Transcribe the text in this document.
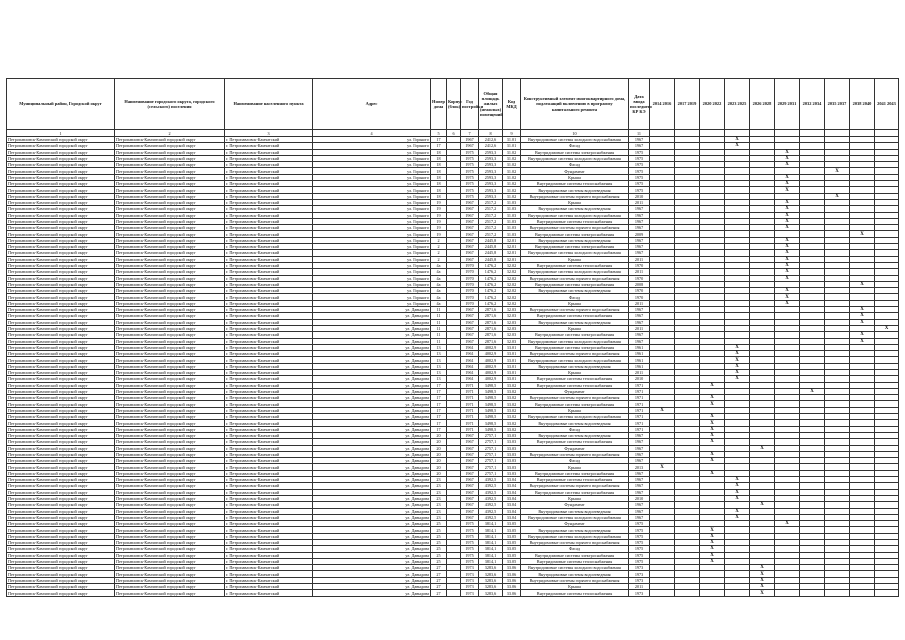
Муниципальный район, Городской округ	Наименование городского округа, городского (сельского) поселения	Наименование населенного пункта	Адрес	Номер дома	Корпус (блок)	Год постройки	Общая площадь жилых (нежилых) помещений	Код МКД	Конструктивный элемент многоквартирного дома, подлежащий включению в программу капитального ремонта	Дата ввода последнего КР КЭ	2014 2016	2017 2019	2020 2022	2023 2025	2026 2028	2029 2031	2032 2034	2035 2037	2038 2040	2041 2043
1	2	3	4	5	6	7	8	9	10	11										
Петропавловск-Камчатский городской округ	Петропавловск-Камчатский городской округ	г. Петропавловск-Камчатский	ул. Горького	17		1967	2412,6	31.01	Внутридомовые системы холодного водоснабжения	1967				X						
Петропавловск-Камчатский городской округ	Петропавловск-Камчатский городской округ	г. Петропавловск-Камчатский	ул. Горького	17		1967	2412,6	31.01	Фасад	1967				X						
Петропавловск-Камчатский городской округ	Петропавловск-Камчатский городской округ	г. Петропавловск-Камчатский	ул. Горького	18		1975	2593,3	31.02	Внутридомовые системы электроснабжения	1975						X				
Петропавловск-Камчатский городской округ	Петропавловск-Камчатский городской округ	г. Петропавловск-Камчатский	ул. Горького	18		1975	2593,3	31.02	Внутридомовые системы холодного водоснабжения	1975						X				
Петропавловск-Камчатский городской округ	Петропавловск-Камчатский городской округ	г. Петропавловск-Камчатский	ул. Горького	18		1975	2593,3	31.02	Фасад	1975						X				
Петропавловск-Камчатский городской округ	Петропавловск-Камчатский городской округ	г. Петропавловск-Камчатский	ул. Горького	18		1975	2593,3	31.02	Фундамент	1975								X		
Петропавловск-Камчатский городской округ	Петропавловск-Камчатский городской округ	г. Петропавловск-Камчатский	ул. Горького	18		1975	2593,3	31.02	Крыша	1975						X				
Петропавловск-Камчатский городской округ	Петропавловск-Камчатский городской округ	г. Петропавловск-Камчатский	ул. Горького	18		1975	2593,3	31.02	Внутридомовые системы теплоснабжения	1975						X				
Петропавловск-Камчатский городской округ	Петропавловск-Камчатский городской округ	г. Петропавловск-Камчатский	ул. Горького	18		1975	2593,3	31.02	Внутридомовые системы водоотведения	1975						X				
Петропавловск-Камчатский городской округ	Петропавловск-Камчатский городской округ	г. Петропавловск-Камчатский	ул. Горького	18		1975	2593,3	31.02	Внутридомовые системы горячего водоснабжения	2010								X		
Петропавловск-Камчатский городской округ	Петропавловск-Камчатский городской округ	г. Петропавловск-Камчатский	ул. Горького	19		1967	2517,2	31.03	Крыша	2011						X				
Петропавловск-Камчатский городской округ	Петропавловск-Камчатский городской округ	г. Петропавловск-Камчатский	ул. Горького	19		1967	2517,2	31.03	Внутридомовые системы водоотведения	1967						X				
Петропавловск-Камчатский городской округ	Петропавловск-Камчатский городской округ	г. Петропавловск-Камчатский	ул. Горького	19		1967	2517,2	31.03	Внутридомовые системы холодного водоснабжения	1967						X				
Петропавловск-Камчатский городской округ	Петропавловск-Камчатский городской округ	г. Петропавловск-Камчатский	ул. Горького	19		1967	2517,2	31.03	Внутридомовые системы теплоснабжения	1967						X				
Петропавловск-Камчатский городской округ	Петропавловск-Камчатский городской округ	г. Петропавловск-Камчатский	ул. Горького	19		1967	2517,2	31.03	Внутридомовые системы горячего водоснабжения	1967						X				
Петропавловск-Камчатский городской округ	Петропавловск-Камчатский городской округ	г. Петропавловск-Камчатский	ул. Горького	19		1967	2517,2	31.03	Внутридомовые системы электроснабжения	2009									X	
Петропавловск-Камчатский городской округ	Петропавловск-Камчатский городской округ	г. Петропавловск-Камчатский	ул. Горького	2		1967	2445,8	32.01	Внутридомовые системы водоотведения	1967						X				
Петропавловск-Камчатский городской округ	Петропавловск-Камчатский городской округ	г. Петропавловск-Камчатский	ул. Горького	2		1967	2445,8	32.01	Внутридомовые системы электроснабжения	1967						X				
Петропавловск-Камчатский городской округ	Петропавловск-Камчатский городской округ	г. Петропавловск-Камчатский	ул. Горького	2		1967	2445,8	32.01	Внутридомовые системы холодного водоснабжения	1967						X				
Петропавловск-Камчатский городской округ	Петропавловск-Камчатский городской округ	г. Петропавловск-Камчатский	ул. Горького	2		1967	2445,8	32.01	Крыша	2011						X				
Петропавловск-Камчатский городской округ	Петропавловск-Камчатский городской округ	г. Петропавловск-Камчатский	ул. Горького	4а		1970	1476,2	32.02	Внутридомовые системы теплоснабжения	1970						X				
Петропавловск-Камчатский городской округ	Петропавловск-Камчатский городской округ	г. Петропавловск-Камчатский	ул. Горького	4а		1970	1476,2	32.02	Внутридомовые системы холодного водоснабжения	2011						X				
Петропавловск-Камчатский городской округ	Петропавловск-Камчатский городской округ	г. Петропавловск-Камчатский	ул. Горького	4а		1970	1476,2	32.02	Внутридомовые системы горячего водоснабжения	1970						X				
Петропавловск-Камчатский городской округ	Петропавловск-Камчатский городской округ	г. Петропавловск-Камчатский	ул. Горького	4а		1970	1476,2	32.02	Внутридомовые системы электроснабжения	2008									X	
Петропавловск-Камчатский городской округ	Петропавловск-Камчатский городской округ	г. Петропавловск-Камчатский	ул. Горького	4а		1970	1476,2	32.02	Внутридомовые системы водоотведения	1970						X				
Петропавловск-Камчатский городской округ	Петропавловск-Камчатский городской округ	г. Петропавловск-Камчатский	ул. Горького	4а		1970	1476,2	32.02	Фасад	1970						X				
Петропавловск-Камчатский городской округ	Петропавловск-Камчатский городской округ	г. Петропавловск-Камчатский	ул. Горького	4а		1970	1476,2	32.02	Крыша	2011						X				
Петропавловск-Камчатский городской округ	Петропавловск-Камчатский городской округ	г. Петропавловск-Камчатский	ул. Давыдова	11		1967	2871,6	32.03	Внутридомовые системы горячего водоснабжения	1967									X	
Петропавловск-Камчатский городской округ	Петропавловск-Камчатский городской округ	г. Петропавловск-Камчатский	ул. Давыдова	11		1967	2871,6	32.03	Внутридомовые системы теплоснабжения	1967									X	
Петропавловск-Камчатский городской округ	Петропавловск-Камчатский городской округ	г. Петропавловск-Камчатский	ул. Давыдова	11		1967	2871,6	32.03	Внутридомовые системы водоотведения	1967									X	
Петропавловск-Камчатский городской округ	Петропавловск-Камчатский городской округ	г. Петропавловск-Камчатский	ул. Давыдова	11		1967	2871,6	32.03	Крыша	2011										X
Петропавловск-Камчатский городской округ	Петропавловск-Камчатский городской округ	г. Петропавловск-Камчатский	ул. Давыдова	11		1967	2871,6	32.03	Внутридомовые системы электроснабжения	1967									X	
Петропавловск-Камчатский городской округ	Петропавловск-Камчатский городской округ	г. Петропавловск-Камчатский	ул. Давыдова	11		1967	2871,6	32.03	Внутридомовые системы холодного водоснабжения	1967									X	
Петропавловск-Камчатский городской округ	Петропавловск-Камчатский городской округ	г. Петропавловск-Камчатский	ул. Давыдова	13		1961	4002,9	33.01	Внутридомовые системы электроснабжения	1961				X						
Петропавловск-Камчатский городской округ	Петропавловск-Камчатский городской округ	г. Петропавловск-Камчатский	ул. Давыдова	13		1961	4002,9	33.01	Внутридомовые системы горячего водоснабжения	1961				X						
Петропавловск-Камчатский городской округ	Петропавловск-Камчатский городской округ	г. Петропавловск-Камчатский	ул. Давыдова	13		1961	4002,9	33.01	Внутридомовые системы холодного водоснабжения	1961				X						
Петропавловск-Камчатский городской округ	Петропавловск-Камчатский городской округ	г. Петропавловск-Камчатский	ул. Давыдова	13		1961	4002,9	33.01	Внутридомовые системы водоотведения	1961				X						
Петропавловск-Камчатский городской округ	Петропавловск-Камчатский городской округ	г. Петропавловск-Камчатский	ул. Давыдова	13		1961	4002,9	33.01	Крыша	2011				X						
Петропавловск-Камчатский городской округ	Петропавловск-Камчатский городской округ	г. Петропавловск-Камчатский	ул. Давыдова	13		1961	4002,9	33.01	Внутридомовые системы теплоснабжения	2010				X						
Петропавловск-Камчатский городской округ	Петропавловск-Камчатский городской округ	г. Петропавловск-Камчатский	ул. Давыдова	17		1971	3498,5	33.02	Внутридомовые системы теплоснабжения	1971			X							
Петропавловск-Камчатский городской округ	Петропавловск-Камчатский городской округ	г. Петропавловск-Камчатский	ул. Давыдова	17		1971	3498,5	33.02	Фундамент	1971							X			
Петропавловск-Камчатский городской округ	Петропавловск-Камчатский городской округ	г. Петропавловск-Камчатский	ул. Давыдова	17		1971	3498,5	33.02	Внутридомовые системы горячего водоснабжения	1971			X							
Петропавловск-Камчатский городской округ	Петропавловск-Камчатский городской округ	г. Петропавловск-Камчатский	ул. Давыдова	17		1971	3498,5	33.02	Внутридомовые системы электроснабжения	1971			X							
Петропавловск-Камчатский городской округ	Петропавловск-Камчатский городской округ	г. Петропавловск-Камчатский	ул. Давыдова	17		1971	3498,5	33.02	Крыша	1971	X									
Петропавловск-Камчатский городской округ	Петропавловск-Камчатский городской округ	г. Петропавловск-Камчатский	ул. Давыдова	17		1971	3498,5	33.02	Внутридомовые системы холодного водоснабжения	1971			X							
Петропавловск-Камчатский городской округ	Петропавловск-Камчатский городской округ	г. Петропавловск-Камчатский	ул. Давыдова	17		1971	3498,5	33.02	Внутридомовые системы водоотведения	1971			X							
Петропавловск-Камчатский городской округ	Петропавловск-Камчатский городской округ	г. Петропавловск-Камчатский	ул. Давыдова	17		1971	3498,5	33.02	Фасад	1971			X							
Петропавловск-Камчатский городской округ	Петропавловск-Камчатский городской округ	г. Петропавловск-Камчатский	ул. Давыдова	20		1967	2757,1	33.03	Внутридомовые системы водоотведения	1967			X							
Петропавловск-Камчатский городской округ	Петропавловск-Камчатский городской округ	г. Петропавловск-Камчатский	ул. Давыдова	20		1967	2757,1	33.03	Внутридомовые системы теплоснабжения	1967			X							
Петропавловск-Камчатский городской округ	Петропавловск-Камчатский городской округ	г. Петропавловск-Камчатский	ул. Давыдова	20		1967	2757,1	33.03	Фундамент	1967					X					
Петропавловск-Камчатский городской округ	Петропавловск-Камчатский городской округ	г. Петропавловск-Камчатский	ул. Давыдова	20		1967	2757,1	33.03	Внутридомовые системы горячего водоснабжения	1967			X							
Петропавловск-Камчатский городской округ	Петропавловск-Камчатский городской округ	г. Петропавловск-Камчатский	ул. Давыдова	20		1967	2757,1	33.03	Фасад	1967			X							
Петропавловск-Камчатский городской округ	Петропавловск-Камчатский городской округ	г. Петропавловск-Камчатский	ул. Давыдова	20		1967	2757,1	33.03	Крыша	2013	X									
Петропавловск-Камчатский городской округ	Петропавловск-Камчатский городской округ	г. Петропавловск-Камчатский	ул. Давыдова	20		1967	2757,1	33.03	Внутридомовые системы электроснабжения	1967			X							
Петропавловск-Камчатский городской округ	Петропавловск-Камчатский городской округ	г. Петропавловск-Камчатский	ул. Давыдова	23		1967	4392,5	33.04	Внутридомовые системы теплоснабжения	1967				X						
Петропавловск-Камчатский городской округ	Петропавловск-Камчатский городской округ	г. Петропавловск-Камчатский	ул. Давыдова	23		1967	4392,5	33.04	Внутридомовые системы горячего водоснабжения	1967				X						
Петропавловск-Камчатский городской округ	Петропавловск-Камчатский городской округ	г. Петропавловск-Камчатский	ул. Давыдова	23		1967	4392,5	33.04	Внутридомовые системы электроснабжения	1967				X						
Петропавловск-Камчатский городской округ	Петропавловск-Камчатский городской округ	г. Петропавловск-Камчатский	ул. Давыдова	23		1967	4392,5	33.04	Крыша	2010				X						
Петропавловск-Камчатский городской округ	Петропавловск-Камчатский городской округ	г. Петропавловск-Камчатский	ул. Давыдова	23		1967	4392,5	33.04	Фундамент	1967					X					
Петропавловск-Камчатский городской округ	Петропавловск-Камчатский городской округ	г. Петропавловск-Камчатский	ул. Давыдова	23		1967	4392,5	33.04	Внутридомовые системы водоотведения	1967				X						
Петропавловск-Камчатский городской округ	Петропавловск-Камчатский городской округ	г. Петропавловск-Камчатский	ул. Давыдова	23		1967	4392,5	33.04	Внутридомовые системы холодного водоснабжения	1967				X						
Петропавловск-Камчатский городской округ	Петропавловск-Камчатский городской округ	г. Петропавловск-Камчатский	ул. Давыдова	25		1975	3814,1	33.05	Фундамент	1975						X				
Петропавловск-Камчатский городской округ	Петропавловск-Камчатский городской округ	г. Петропавловск-Камчатский	ул. Давыдова	25		1975	3814,1	33.05	Внутридомовые системы водоотведения	1975			X							
Петропавловск-Камчатский городской округ	Петропавловск-Камчатский городской округ	г. Петропавловск-Камчатский	ул. Давыдова	25		1975	3814,1	33.05	Внутридомовые системы холодного водоснабжения	1975			X							
Петропавловск-Камчатский городской округ	Петропавловск-Камчатский городской округ	г. Петропавловск-Камчатский	ул. Давыдова	25		1975	3814,1	33.05	Внутридомовые системы горячего водоснабжения	1975			X							
Петропавловск-Камчатский городской округ	Петропавловск-Камчатский городской округ	г. Петропавловск-Камчатский	ул. Давыдова	25		1975	3814,1	33.05	Фасад	1975			X							
Петропавловск-Камчатский городской округ	Петропавловск-Камчатский городской округ	г. Петропавловск-Камчатский	ул. Давыдова	25		1975	3814,1	33.05	Внутридомовые системы электроснабжения	1975			X							
Петропавловск-Камчатский городской округ	Петропавловск-Камчатский городской округ	г. Петропавловск-Камчатский	ул. Давыдова	25		1975	3814,1	33.05	Внутридомовые системы теплоснабжения	1975			X							
Петропавловск-Камчатский городской округ	Петропавловск-Камчатский городской округ	г. Петропавловск-Камчатский	ул. Давыдова	27		1973	3283,6	33.06	Внутридомовые системы холодного водоснабжения	1973					X					
Петропавловск-Камчатский городской округ	Петропавловск-Камчатский городской округ	г. Петропавловск-Камчатский	ул. Давыдова	27		1973	3283,6	33.06	Внутридомовые системы водоотведения	1973					X					
Петропавловск-Камчатский городской округ	Петропавловск-Камчатский городской округ	г. Петропавловск-Камчатский	ул. Давыдова	27		1973	3283,6	33.06	Внутридомовые системы горячего водоснабжения	1973					X					
Петропавловск-Камчатский городской округ	Петропавловск-Камчатский городской округ	г. Петропавловск-Камчатский	ул. Давыдова	27		1973	3283,6	33.06	Крыша	2011					X					
Петропавловск-Камчатский городской округ	Петропавловск-Камчатский городской округ	г. Петропавловск-Камчатский	ул. Давыдова	27		1973	3283,6	33.06	Внутридомовые системы теплоснабжения	1973					X					
